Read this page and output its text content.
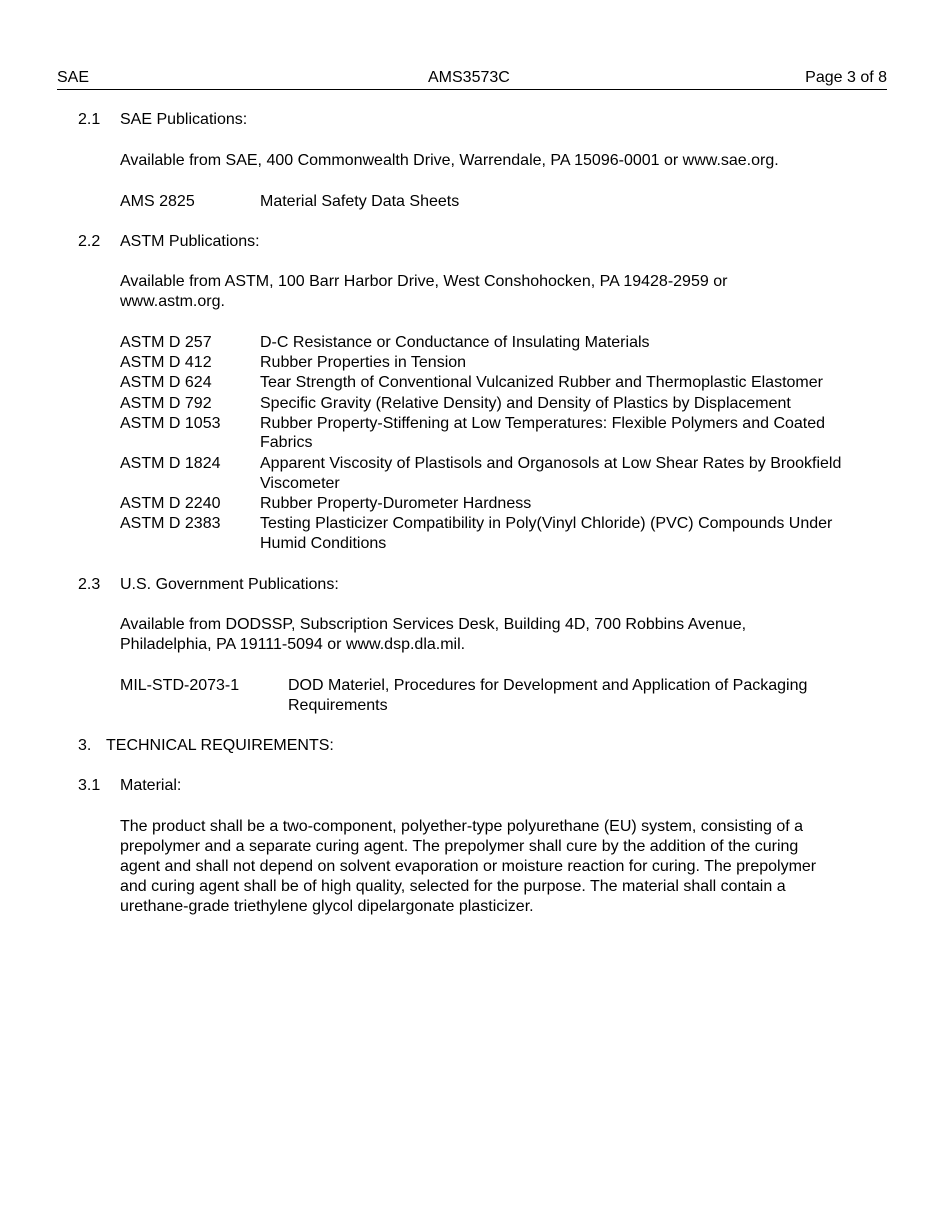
SAE	AMS3573C	Page 3 of 8
2.1 SAE Publications:
Available from SAE, 400 Commonwealth Drive, Warrendale, PA 15096-0001 or www.sae.org.
AMS 2825	Material Safety Data Sheets
2.2 ASTM Publications:
Available from ASTM, 100 Barr Harbor Drive, West Conshohocken, PA 19428-2959 or
www.astm.org.
ASTM D 257	D-C Resistance or Conductance of Insulating Materials
ASTM D 412	Rubber Properties in Tension
ASTM D 624	Tear Strength of Conventional Vulcanized Rubber and Thermoplastic Elastomer
ASTM D 792	Specific Gravity (Relative Density) and Density of Plastics by Displacement
ASTM D 1053 Rubber Property-Stiffening at Low Temperatures: Flexible Polymers and Coated
Fabrics
ASTM D 1824 Apparent Viscosity of Plastisols and Organosols at Low Shear Rates by Brookfield
Viscometer
ASTM D 2240 Rubber Property-Durometer Hardness
ASTM D 2383 Testing Plasticizer Compatibility in Poly(Vinyl Chloride) (PVC) Compounds Under
Humid Conditions
2.3 U.S. Government Publications:
Available from DODSSP, Subscription Services Desk, Building 4D, 700 Robbins Avenue,
Philadelphia, PA 19111-5094 or www.dsp.dla.mil.
MIL-STD-2073-1	DOD Materiel, Procedures for Development and Application of Packaging
Requirements
3. TECHNICAL REQUIREMENTS:
3.1 Material:
The product shall be a two-component, polyether-type polyurethane (EU) system, consisting of a
prepolymer and a separate curing agent. The prepolymer shall cure by the addition of the curing
agent and shall not depend on solvent evaporation or moisture reaction for curing. The prepolymer
and curing agent shall be of high quality, selected for the purpose. The material shall contain a
urethane-grade triethylene glycol dipelargonate plasticizer.
